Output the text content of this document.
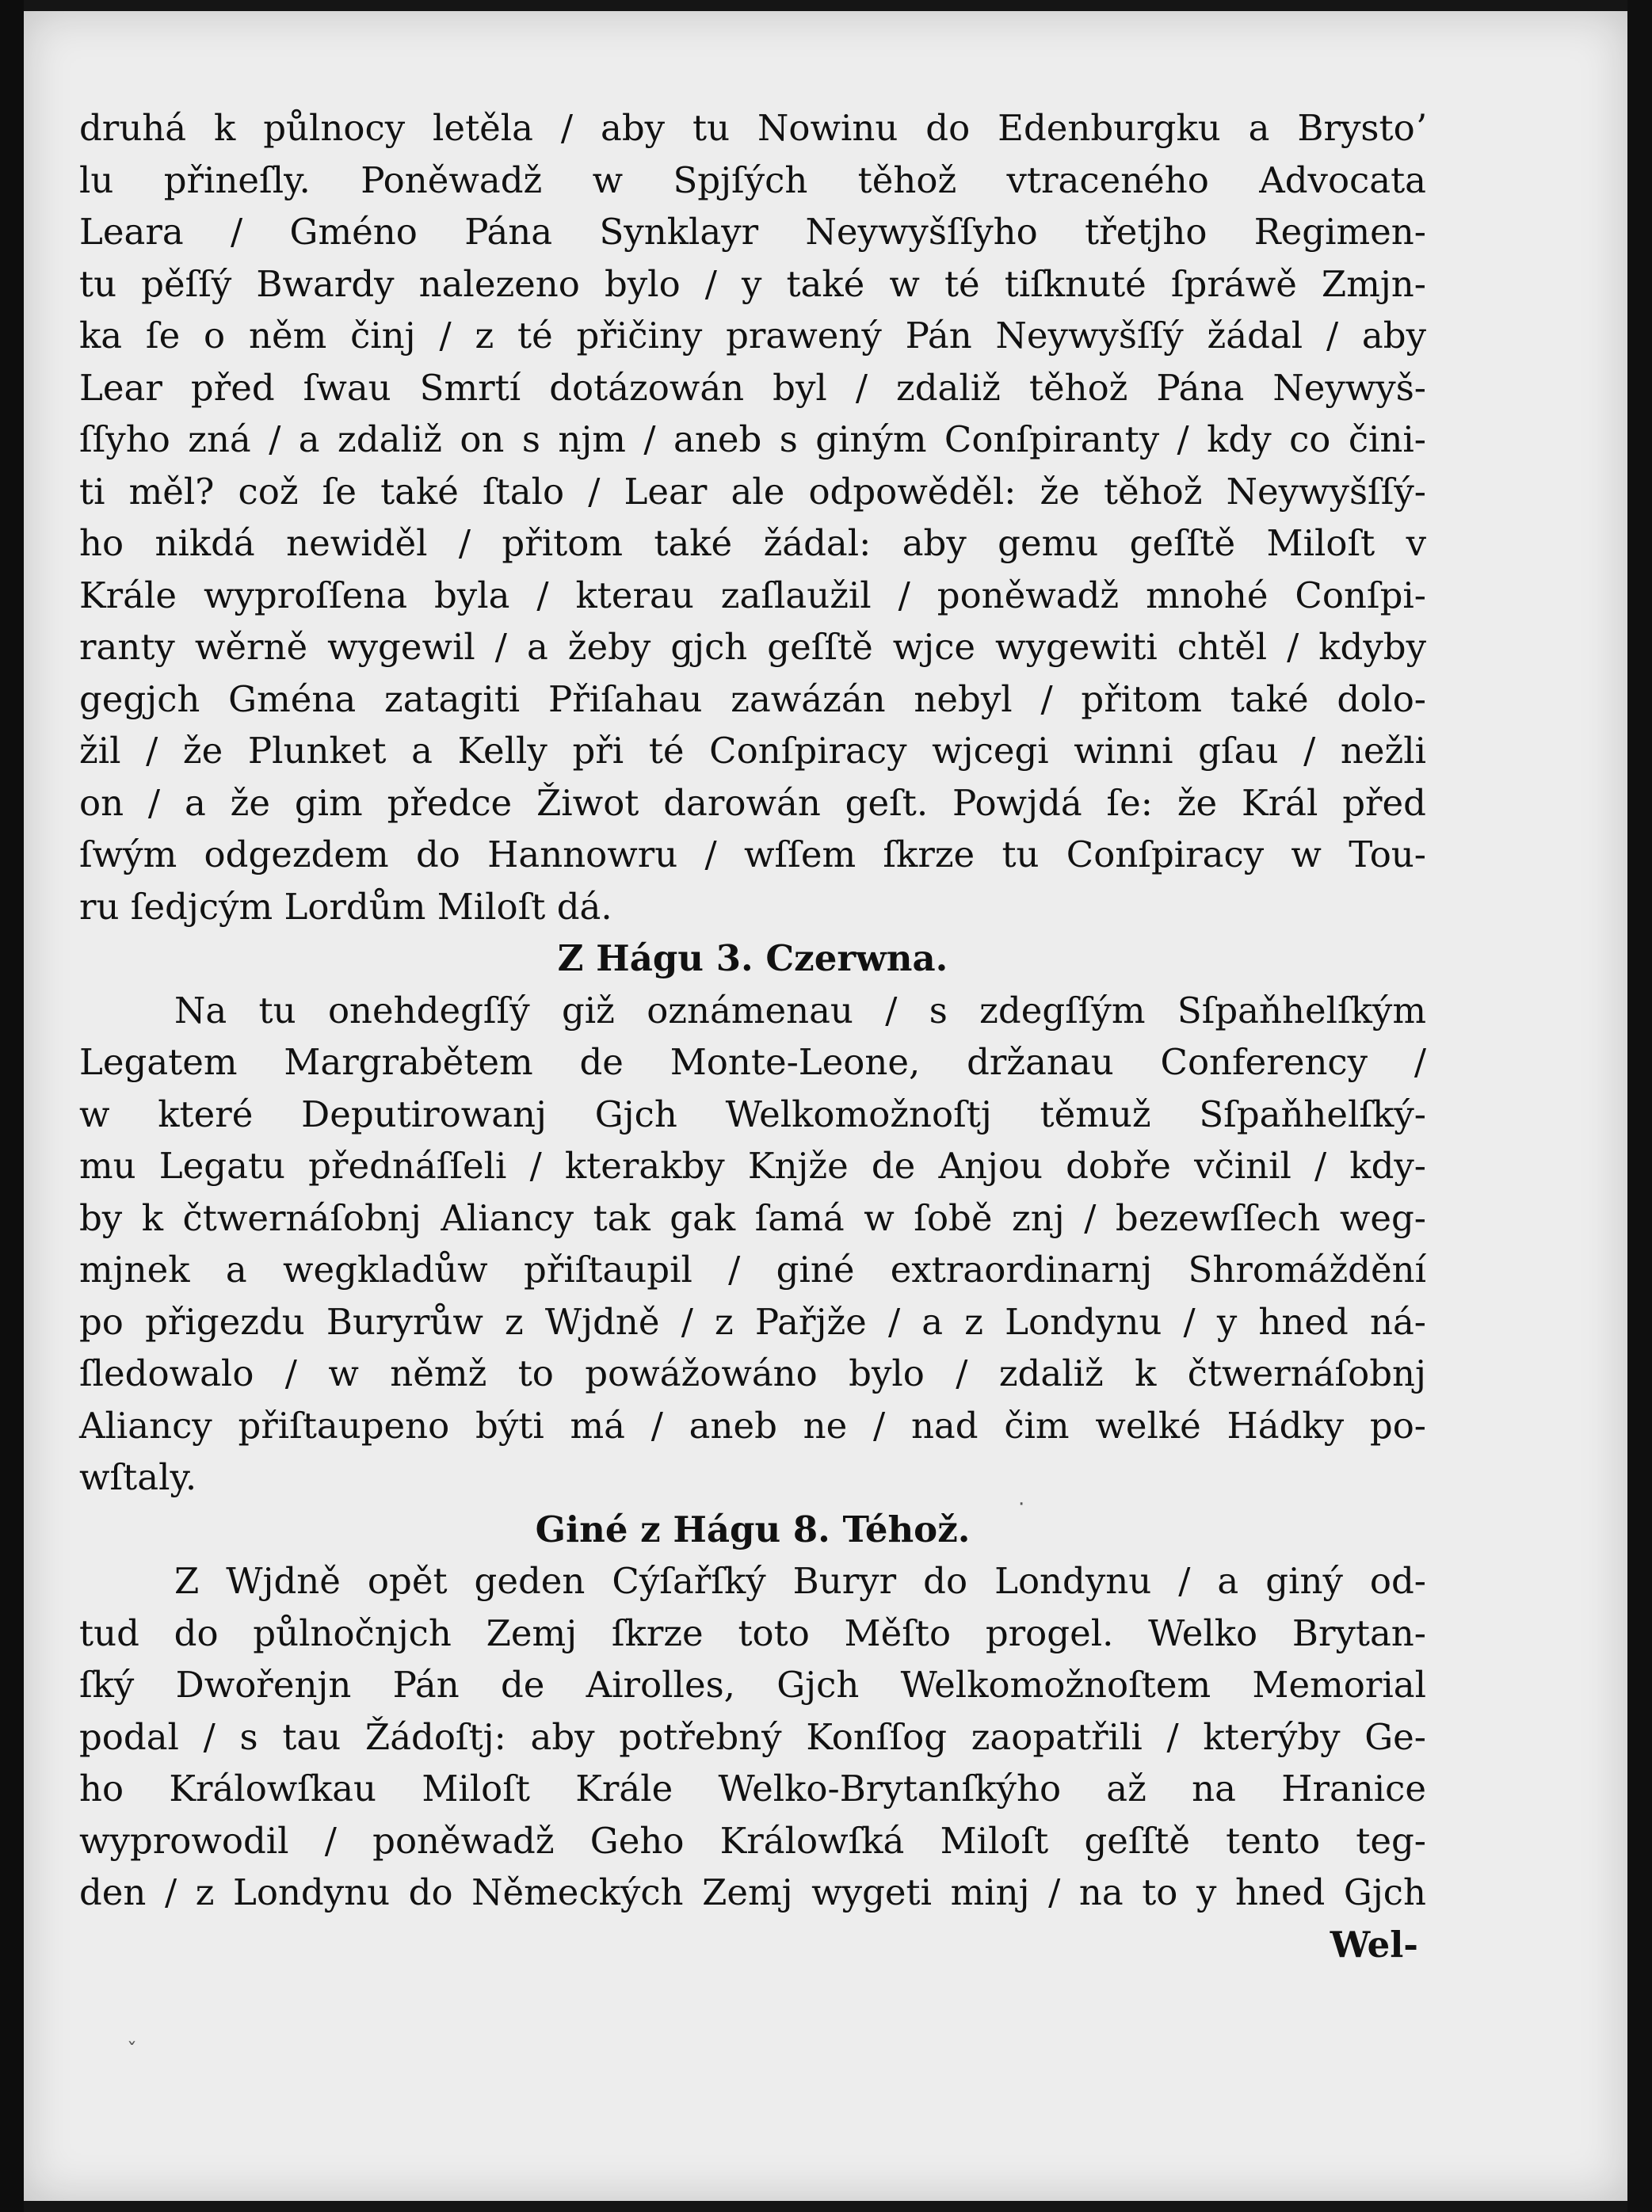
druhá k půlnocy letěla / aby tu Nowinu do Edenburgku a Brystoʼ
lu přineſly. Poněwadž w Spjſých těhož vtraceného Advocata
Leara / Gméno Pána Synklayr Neywyšſſyho třetjho Regimen-
tu pěſſý Bwardy nalezeno bylo / y také w té tiſknuté ſpráwě Zmjn-
ka ſe o něm činj / z té přičiny prawený Pán Neywyšſſý žádal / aby
Lear před ſwau Smrtí dotázowán byl / zdaliž těhož Pána Neywyš-
ſſyho zná / a zdaliž on s njm / aneb s giným Conſpiranty / kdy co čini-
ti měl? což ſe také ſtalo / Lear ale odpowěděl: že těhož Neywyšſſý-
ho nikdá newiděl / přitom také žádal: aby gemu geſſtě Miloſt v
Krále wyproſſena byla / kterau zaſlaužil / poněwadž mnohé Conſpi-
ranty wěrně wygewil / a žeby gjch geſſtě wjce wygewiti chtěl / kdyby
gegjch Gména zatagiti Přiſahau zawázán nebyl / přitom také dolo-
žil / že Plunket a Kelly při té Conſpiracy wjcegi winni gſau / nežli
on / a že gim předce Žiwot darowán geſt. Powjdá ſe: že Král před
ſwým odgezdem do Hannowru / wſſem ſkrze tu Conſpiracy w Tou-
ru ſedjcým Lordům Miloſt dá.
Z Hágu 3. Czerwna.
Na tu onehdegſſý giž oznámenau / s zdegſſým Sſpaňhelſkým
Legatem Margrabětem de Monte-Leone, držanau Conferency /
w které Deputirowanj Gjch Welkomožnoſtj těmuž Sſpaňhelſký-
mu Legatu přednáſſeli / kterakby Knjže de Anjou dobře včinil / kdy-
by k čtwernáſobnj Aliancy tak gak ſamá w ſobě znj / bezewſſech weg-
mjnek a wegkladůw přiſtaupil / giné extraordinarnj Shromáždění
po přigezdu Buryrůw z Wjdně / z Pařjže / a z Londynu / y hned ná-
ſledowalo / w němž to powážowáno bylo / zdaliž k čtwernáſobnj
Aliancy přiſtaupeno býti má / aneb ne / nad čim welké Hádky po-
wſtaly.
Giné z Hágu 8. Téhož.
Z Wjdně opět geden Cýſařſký Buryr do Londynu / a giný od-
tud do půlnočnjch Zemj ſkrze toto Měſto progel. Welko Brytan-
ſký Dwořenjn Pán de Airolles, Gjch Welkomožnoſtem Memorial
podal / s tau Žádoſtj: aby potřebný Konſſog zaopatřili / kterýby Ge-
ho Králowſkau Miloſt Krále Welko-Brytanſkýho až na Hranice
wyprowodil / poněwadž Geho Králowſká Miloſt geſſtě tento teg-
den / z Londynu do Německých Zemj wygeti minj / na to y hned Gjch
Wel-
ˇ
·
